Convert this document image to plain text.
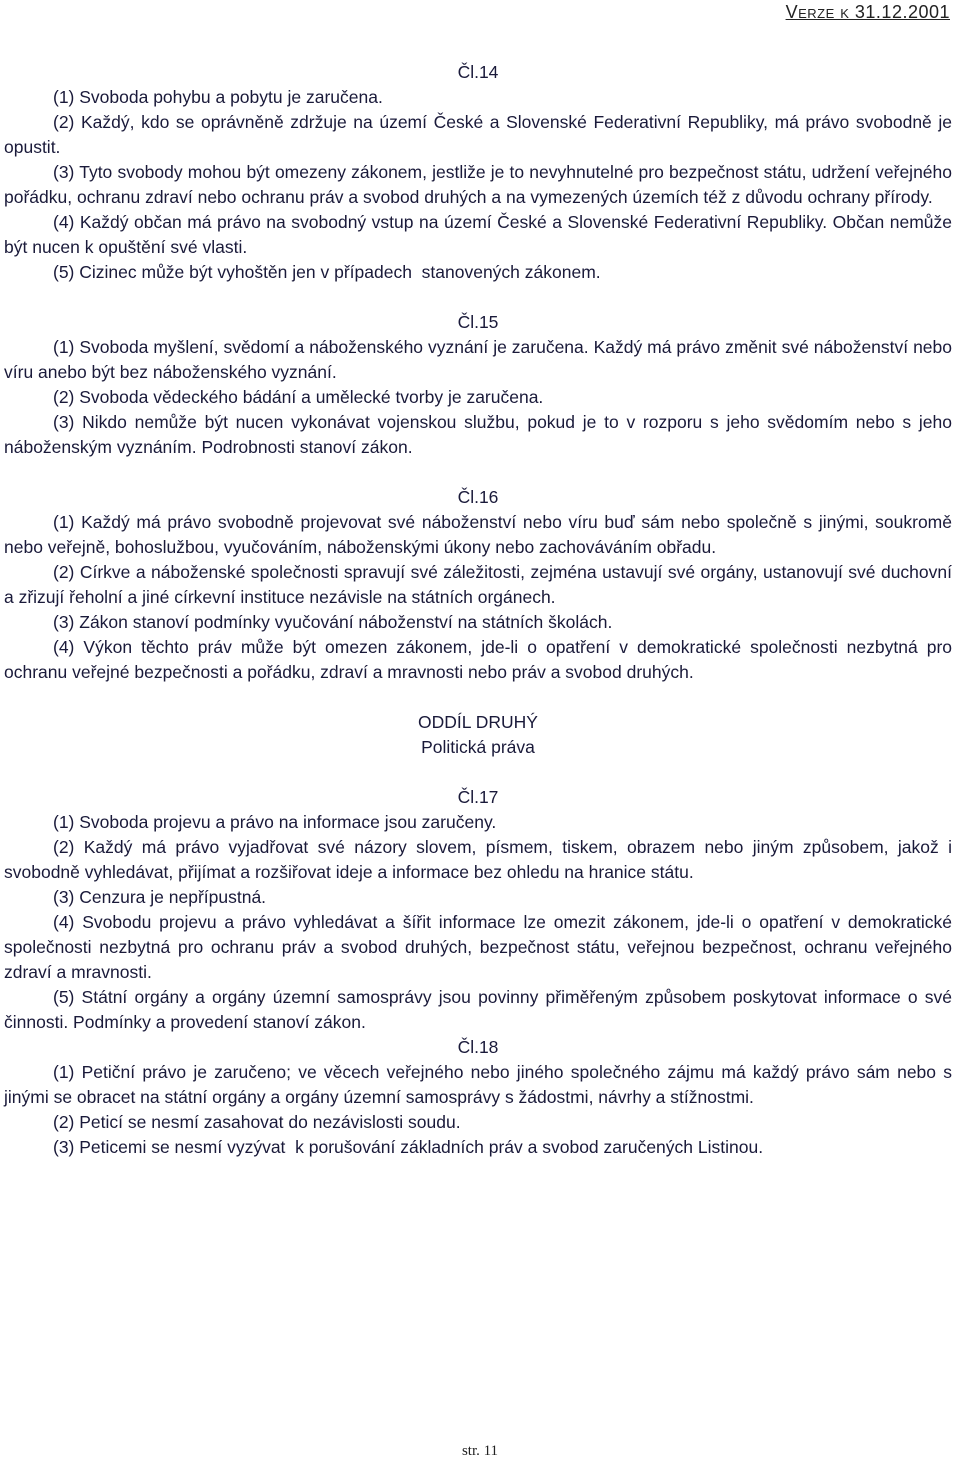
Verze k 31.12.2001
Čl.14
(1) Svoboda pohybu a pobytu je zaručena.
(2) Každý, kdo se oprávněně zdržuje na území České a Slovenské Federativní Republiky, má právo svobodně je opustit.
(3) Tyto svobody mohou být omezeny zákonem, jestliže je to nevyhnutelné pro bezpečnost státu, udržení veřejného pořádku, ochranu zdraví nebo ochranu práv a svobod druhých a na vymezených územích též z důvodu ochrany přírody.
(4) Každý občan má právo na svobodný vstup na území České a Slovenské Federativní Republiky. Občan nemůže být nucen k opuštění své vlasti.
(5) Cizinec může být vyhoštěn jen v případech  stanovených zákonem.
Čl.15
(1) Svoboda myšlení, svědomí a náboženského vyznání je zaručena. Každý má právo změnit své náboženství nebo víru anebo být bez náboženského vyznání.
(2) Svoboda vědeckého bádání a umělecké tvorby je zaručena.
(3) Nikdo nemůže být nucen vykonávat vojenskou službu, pokud je to v rozporu s jeho svědomím nebo s jeho náboženským vyznáním. Podrobnosti stanoví zákon.
Čl.16
(1) Každý má právo svobodně projevovat své náboženství nebo víru buď sám nebo společně s jinými, soukromě nebo veřejně, bohoslužbou, vyučováním, náboženskými úkony nebo zachováváním obřadu.
(2) Církve a náboženské společnosti spravují své záležitosti, zejména ustavují své orgány, ustanovují své duchovní a zřizují řeholní a jiné církevní instituce nezávisle na státních orgánech.
(3) Zákon stanoví podmínky vyučování náboženství na státních školách.
(4) Výkon těchto práv může být omezen zákonem, jde-li o opatření v demokratické společnosti nezbytná pro ochranu veřejné bezpečnosti a pořádku, zdraví a mravnosti nebo práv a svobod druhých.
ODDÍL DRUHÝ
Politická práva
Čl.17
(1) Svoboda projevu a právo na informace jsou zaručeny.
(2) Každý má právo vyjadřovat své názory slovem, písmem, tiskem, obrazem nebo jiným způsobem, jakož i svobodně vyhledávat, přijímat a rozšiřovat ideje a informace bez ohledu na hranice státu.
(3) Cenzura je nepřípustná.
(4) Svobodu projevu a právo vyhledávat a šířit informace lze omezit zákonem, jde-li o opatření v demokratické společnosti nezbytná pro ochranu práv a svobod druhých, bezpečnost státu, veřejnou bezpečnost, ochranu veřejného zdraví a mravnosti.
(5) Státní orgány a orgány územní samosprávy jsou povinny přiměřeným způsobem poskytovat informace o své činnosti. Podmínky a provedení stanoví zákon.
Čl.18
(1) Petiční právo je zaručeno; ve věcech veřejného nebo jiného společného zájmu má každý právo sám nebo s jinými se obracet na státní orgány a orgány územní samosprávy s žádostmi, návrhy a stížnostmi.
(2) Peticí se nesmí zasahovat do nezávislosti soudu.
(3) Peticemi se nesmí vyzývat  k porušování základních práv a svobod zaručených Listinou.
str. 11
